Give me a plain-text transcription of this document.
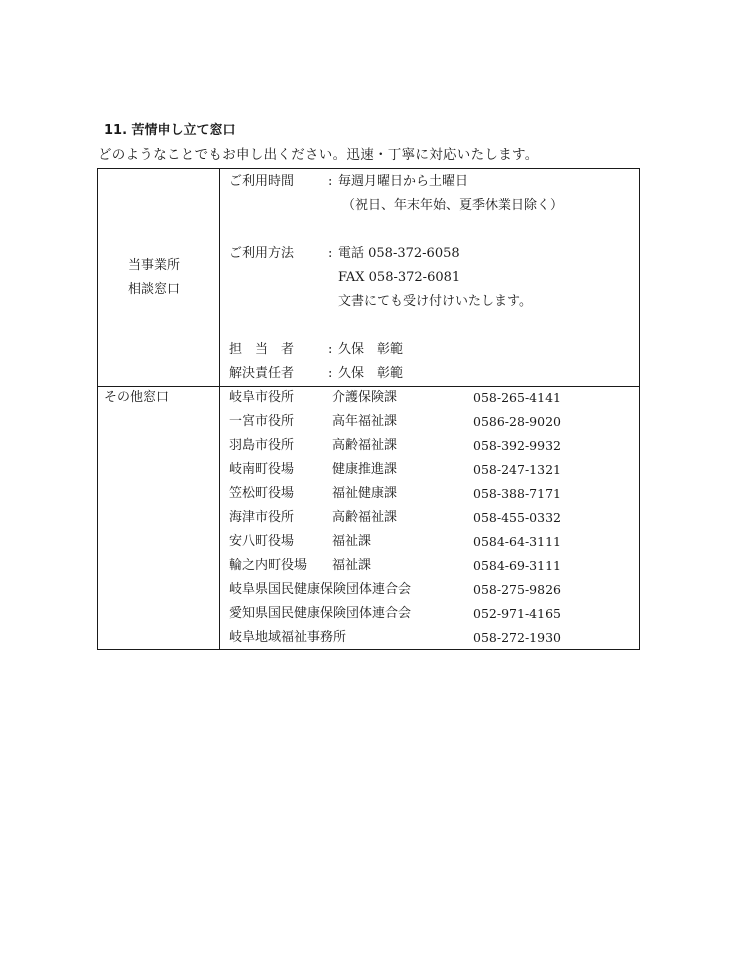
11. 苦情申し立て窓口
どのようなことでもお申し出ください。迅速・丁寧に対応いたします。
当事業所
相談窓口
ご利用時間	: 毎週月曜日から土曜日
（祝日、年末年始、夏季休業日除く）
ご利用方法	: 電話 058-372-6058
FAX 058-372-6081
文書にても受け付けいたします。
担　当　者	: 久保　彰範
解決責任者	: 久保　彰範
その他窓口	岐阜市役所	介護保険課	058-265-4141
一宮市役所	高年福祉課	0586-28-9020
羽島市役所	高齢福祉課	058-392-9932
岐南町役場	健康推進課	058-247-1321
笠松町役場	福祉健康課	058-388-7171
海津市役所	高齢福祉課	058-455-0332
安八町役場	福祉課	0584-64-3111
輪之内町役場 福祉課	0584-69-3111
岐阜県国民健康保険団体連合会	058-275-9826
愛知県国民健康保険団体連合会	052-971-4165
岐阜地域福祉事務所	058-272-1930
